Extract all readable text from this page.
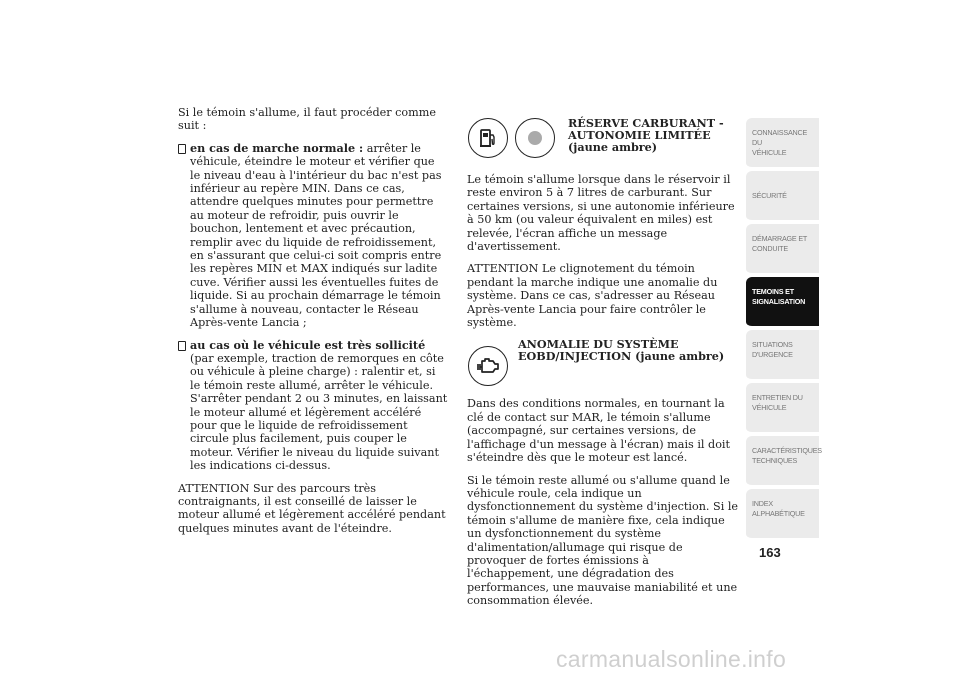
Si le témoin s'allume, il faut procéder comme suit :

en cas de marche normale : arrêter le véhicule, éteindre le moteur et vérifier que le niveau d'eau à l'intérieur du bac n'est pas inférieur au repère MIN. Dans ce cas, attendre quelques minutes pour permettre au moteur de refroidir, puis ouvrir le bouchon, lentement et avec précaution, remplir avec du liquide de refroidissement, en s'assurant que celui-ci soit compris entre les repères MIN et MAX indiqués sur ladite cuve. Vérifier aussi les éventuelles fuites de liquide. Si au prochain démarrage le témoin s'allume à nouveau, contacter le Réseau Après-vente Lancia ;
au cas où le véhicule est très sollicité (par exemple, traction de remorques en côte ou véhicule à pleine charge) : ralentir et, si le témoin reste allumé, arrêter le véhicule. S'arrêter pendant 2 ou 3 minutes, en laissant le moteur allumé et légèrement accéléré pour que le liquide de refroidissement circule plus facilement, puis couper le moteur. Vérifier le niveau du liquide suivant les indications ci-dessus.

ATTENTION Sur des parcours très contraignants, il est conseillé de laisser le moteur allumé et légèrement accéléré pendant quelques minutes avant de l'éteindre.

RÉSERVE CARBURANT -
AUTONOMIE LIMITÉE
(jaune ambre)

Le témoin s'allume lorsque dans le réservoir il reste environ 5 à 7 litres de carburant. Sur certaines versions, si une autonomie inférieure à 50 km (ou valeur équivalent en miles) est relevée, l'écran affiche un message d'avertissement.

ATTENTION Le clignotement du témoin pendant la marche indique une anomalie du système. Dans ce cas, s'adresser au Réseau Après-vente Lancia pour faire contrôler le système.

ANOMALIE DU SYSTÈME
EOBD/INJECTION (jaune ambre)

Dans des conditions normales, en tournant la clé de contact sur MAR, le témoin s'allume (accompagné, sur certaines versions, de l'affichage d'un message à l'écran) mais il doit s'éteindre dès que le moteur est lancé.

Si le témoin reste allumé ou s'allume quand le véhicule roule, cela indique un dysfonctionnement du système d'injection. Si le témoin s'allume de manière fixe, cela indique un dysfonctionnement du système d'alimentation/allumage qui risque de provoquer de fortes émissions à l'échappement, une dégradation des performances, une mauvaise maniabilité et une consommation élevée.

CONNAISSANCE DU
VÉHICULE
SÉCURITÉ
DÉMARRAGE ET
CONDUITE
TEMOINS ET
SIGNALISATION
SITUATIONS
D'URGENCE
ENTRETIEN DU
VÉHICULE
CARACTÉRISTIQUES
TECHNIQUES
INDEX
ALPHABÉTIQUE
163
carmanualsonline.info
